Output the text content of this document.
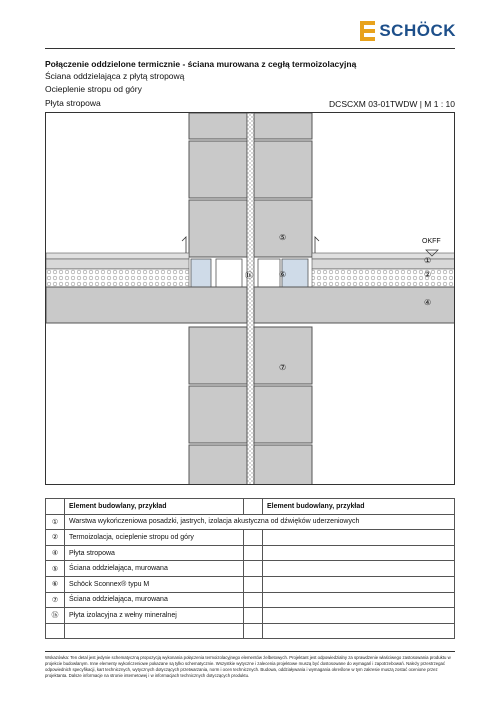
SCHÖCK
Połączenie oddzielone termicznie - ściana murowana z cegłą termoizolacyjną
Ściana oddzielająca z płytą stropową
Ocieplenie stropu od góry
Płyta stropowa	DCSCXM 03-01TWDW | M 1 : 10
OKFF
⑤
①
②
④
⑯	⑥
⑦
	Element budowlany, przykład		Element budowlany, przykład
①	Warstwa wykończeniowa posadzki, jastrych, izolacja akustyczna od dźwięków uderzeniowych		
②	Termoizolacja, ocieplenie stropu od góry		
④	Płyta stropowa		
⑤	Ściana oddzielająca, murowana		
⑥	Schöck Sconnex® typu M		
⑦	Ściana oddzielająca, murowana		
⑯	Płyta izolacyjna z wełny mineralnej		

Wskazówka: Ten detal jest jedynie schematyczną propozycją wykonania połączenia termoizolacyjnego elementów żelbetowych. Projektant jest odpowiedzialny za sprawdzenie właściwego zastosowania produktu w projekcie budowlanym. Inne elementy wykończeniowe pokazane są tylko schematycznie. Wszystkie wytyczne i zalecenia projektowe muszą być dostosowane do wymagań i zapotrzebowań. Należy przestrzegać odpowiednich specyfikacji, kart technicznych, wytycznych dotyczących przetwarzania, norm i ocen technicznych. Budowa, oddziaływania i wymagania określone w tym zakresie muszą zostać ocenione przez projektanta. Dalsze informacje na stronie internetowej i w informacjach technicznych dotyczących produktu.
